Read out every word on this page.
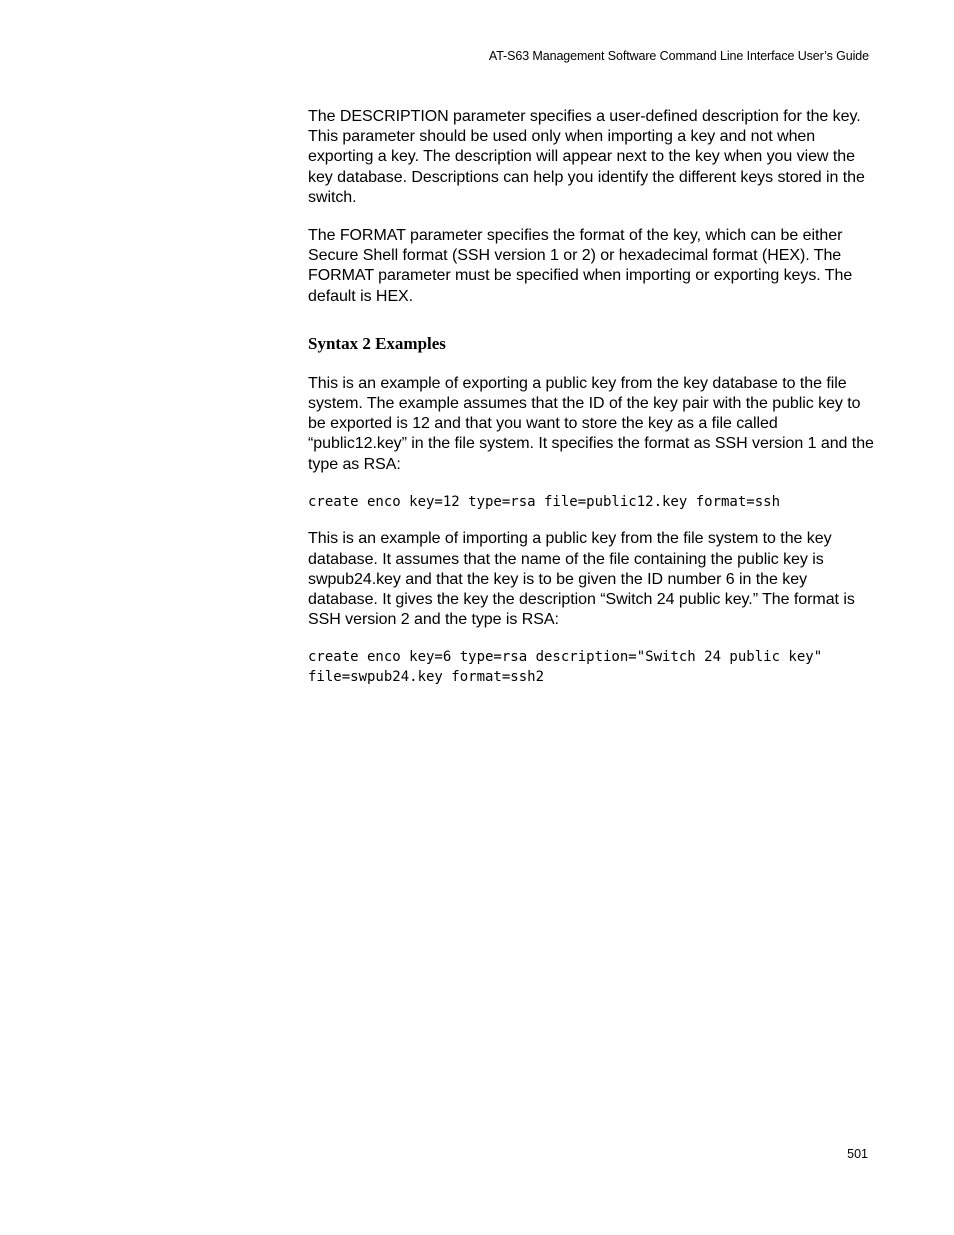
AT-S63 Management Software Command Line Interface User’s Guide

The DESCRIPTION parameter specifies a user-defined description for the key. This parameter should be used only when importing a key and not when exporting a key. The description will appear next to the key when you view the key database. Descriptions can help you identify the different keys stored in the switch.

The FORMAT parameter specifies the format of the key, which can be either Secure Shell format (SSH version 1 or 2) or hexadecimal format (HEX). The FORMAT parameter must be specified when importing or exporting keys. The default is HEX.

Syntax 2 Examples

This is an example of exporting a public key from the key database to the file system. The example assumes that the ID of the key pair with the public key to be exported is 12 and that you want to store the key as a file called “public12.key” in the file system. It specifies the format as SSH version 1 and the type as RSA:

create enco key=12 type=rsa file=public12.key format=ssh

This is an example of importing a public key from the file system to the key database. It assumes that the name of the file containing the public key is swpub24.key and that the key is to be given the ID number 6 in the key database. It gives the key the description “Switch 24 public key.” The format is SSH version 2 and the type is RSA:

create enco key=6 type=rsa description="Switch 24 public key" file=swpub24.key format=ssh2
501
